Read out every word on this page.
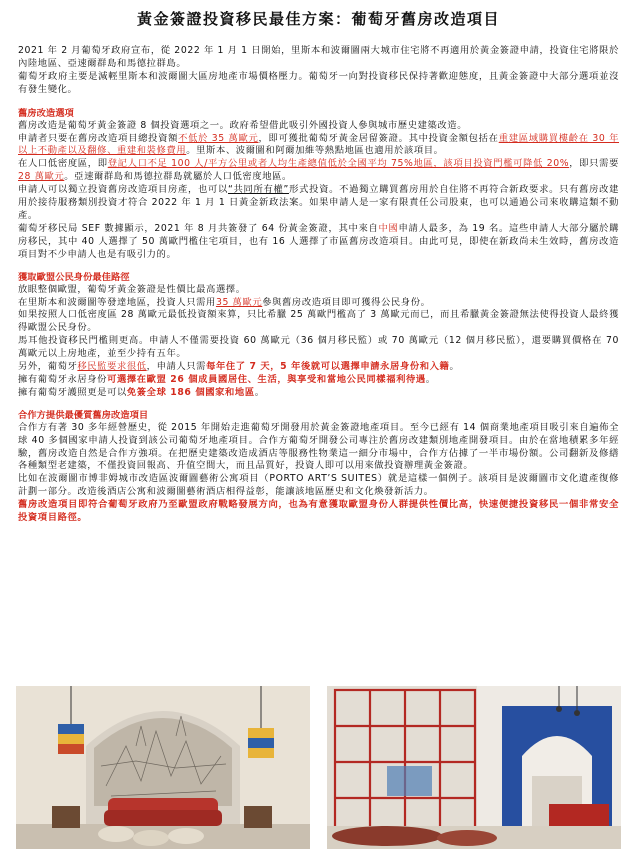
黃金簽證投資移民最佳方案：葡萄牙舊房改造項目

2021 年 2 月葡萄牙政府宣布，從 2022 年 1 月 1 日開始，里斯本和波爾圖兩大城市住宅將不再適用於黃金簽證申請，投資住宅將限於內陸地區、亞速爾群島和馬德拉群島。

葡萄牙政府主要是減輕里斯本和波爾圖大區房地產市場價格壓力。葡萄牙一向對投資移民保持著歡迎態度，且黃金簽證中大部分選項並沒有發生變化。

舊房改造選項

舊房改造是葡萄牙黃金簽證 8 個投資選項之一。政府希望借此吸引外國投資人參與城市歷史建築改造。

申請者只要在舊房改造項目總投資額不低於 35 萬歐元，即可獲批葡萄牙黃金居留簽證。其中投資金額包括在重建區域購買樓齡在 30 年以上不動產以及翻修、重建和裝修費用。里斯本、波爾圖和阿爾加維等熱點地區也適用於該項目。

在人口低密度區，即登記人口不足 100 人/平方公里或者人均生產總值低於全國平均 75%地區，該項目投資門檻可降低 20%，即只需要28 萬歐元。亞速爾群島和馬德拉群島就屬於人口低密度地區。

申請人可以獨立投資舊房改造項目房產，也可以“共同所有權”形式投資。不過獨立購買舊房用於自住將不再符合新政要求。只有舊房改建用於接待服務類別投資才符合 2022 年 1 月 1 日黃金新政法案。如果申請人是一家有限責任公司股東，也可以通過公司來收購這類不動產。

葡萄牙移民局 SEF 數據顯示，2021 年 8 月共簽發了 64 份黃金簽證，其中來自中國申請人最多，為 19 名。這些申請人大部分屬於購房移民，其中 40 人選擇了 50 萬歐門檻住宅項目，也有 16 人選擇了市區舊房改造項目。由此可見，即使在新政尚未生效時，舊房改造項目對不少申請人也是有吸引力的。

獲取歐盟公民身份最佳路徑

放眼整個歐盟，葡萄牙黃金簽證是性價比最高選擇。

在里斯本和波爾圖等發達地區，投資人只需用35 萬歐元參與舊房改造項目即可獲得公民身份。

如果按照人口低密度區 28 萬歐元最低投資額來算，只比希臘 25 萬歐門檻高了 3 萬歐元而已，而且希臘黃金簽證無法使得投資人最終獲得歐盟公民身份。

馬耳他投資移民門檻則更高。申請人不僅需要投資 60 萬歐元（36 個月移民監）或 70 萬歐元（12 個月移民監），還要購買價格在 70 萬歐元以上房地產，並至少持有五年。

另外，葡萄牙移民監要求很低，申請人只需每年住了 7 天，5 年後就可以選擇申請永居身份和入籍。

擁有葡萄牙永居身份可選擇在歐盟 26 個成員國居住、生活，與享受和當地公民同樣福利待遇。

擁有葡萄牙護照更是可以免簽全球 186 個國家和地區。

合作方提供最優質舊房改造項目

合作方有著 30 多年經營歷史，從 2015 年開始走進葡萄牙開發用於黃金簽證地產項目。至今已經有 14 個商業地產項目吸引來自遍佈全球 40 多個國家申請人投資到該公司葡萄牙地產項目。合作方葡萄牙開發公司專注於舊房改建類別地產開發項目。由於在當地積累多年經驗，舊房改造自然是合作方強項。在把歷史建築改造成酒店等服務性物業這一細分市場中，合作方佔據了一半市場份額。公司翻新及修繕各種類型老建築，不僅投資回報高、升值空間大，而且品質好，投資人即可以用來做投資辦理黃金簽證。

比如在波爾圖市博非姆城市改造區波爾圖藝術公寓項目（PORTO ART’S SUITES）就是這樣一個例子。該項目是波爾圖市文化遺產復修計劃一部分。改造後酒店公寓和波爾圖藝術酒店相得益彰，能讓該地區歷史和文化煥發新活力。

舊房改造項目即符合葡萄牙政府乃至歐盟政府戰略發展方向，也為有意獲取歐盟身份人群提供性價比高，快速便捷投資移民一個非常安全投資項目路徑。
